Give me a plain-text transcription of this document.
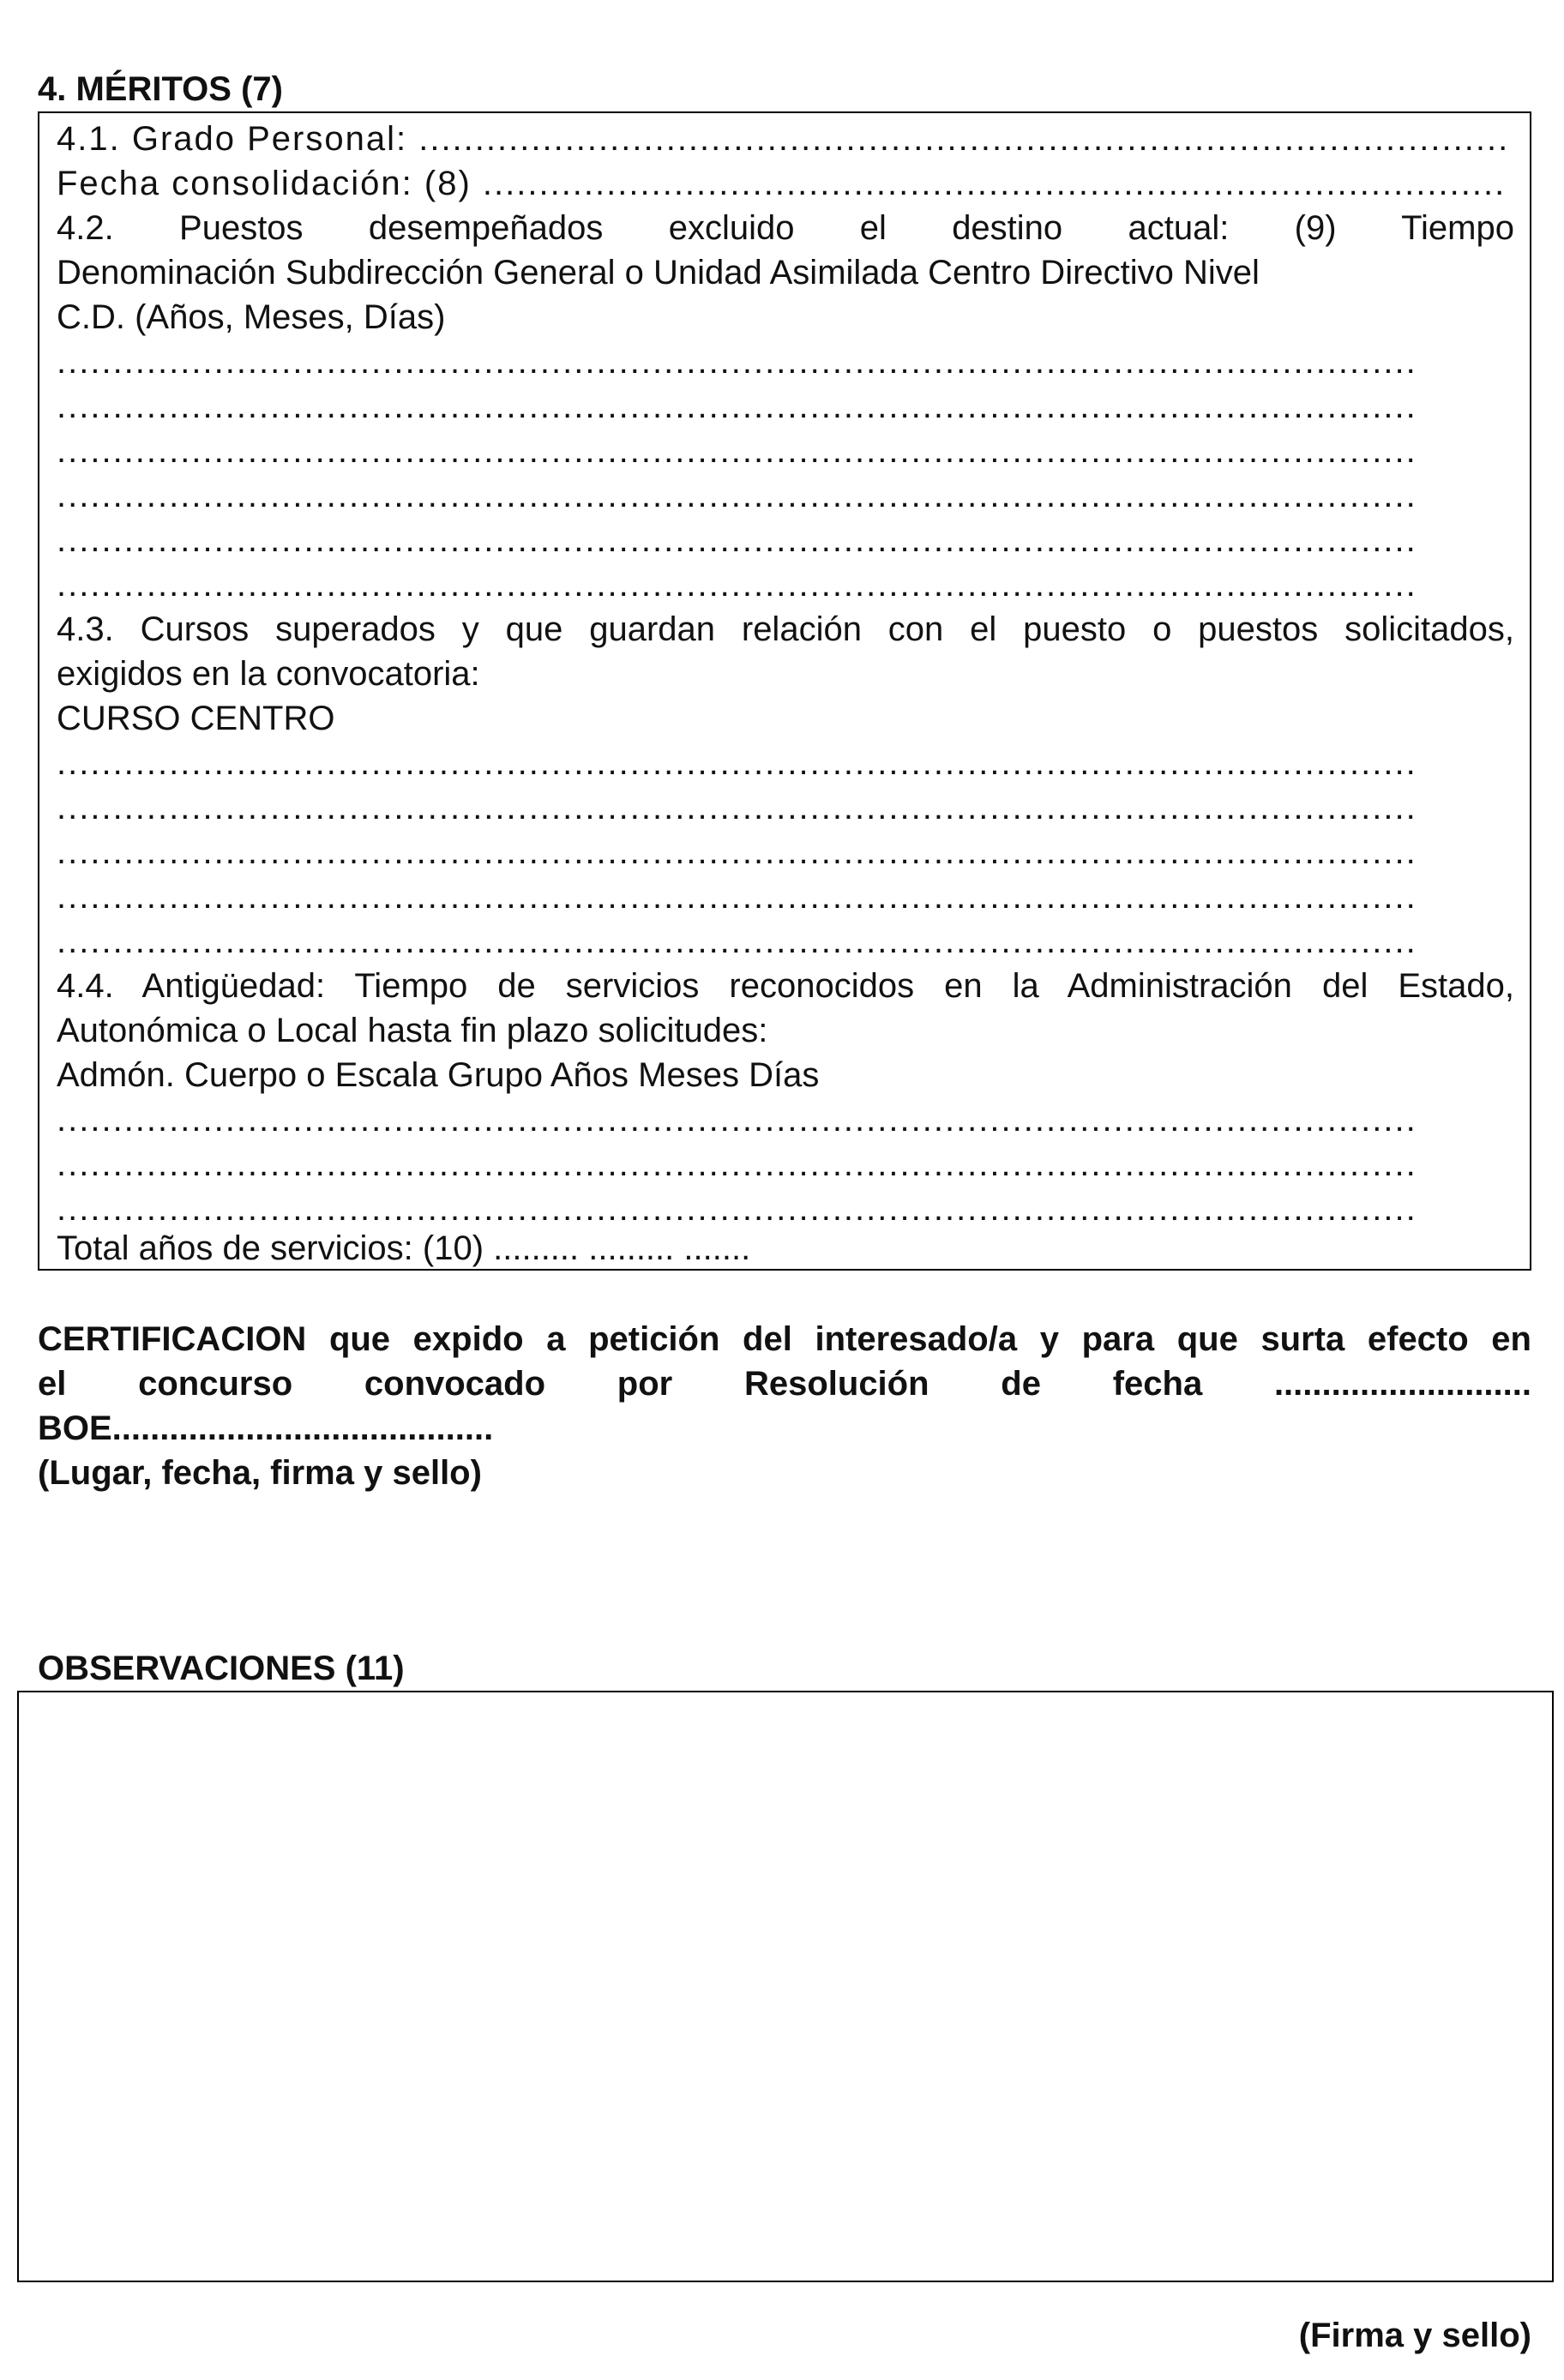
4. MÉRITOS (7)
4.1. Grado Personal: .................................................................................................
Fecha consolidación: (8) ...........................................................................................
4.2. Puestos desempeñados excluido el destino actual: (9) Tiempo
Denominación Subdirección General o Unidad Asimilada Centro Directivo Nivel
C.D. (Años, Meses, Días)
.........................................................................................................................
.........................................................................................................................
.........................................................................................................................
.........................................................................................................................
.........................................................................................................................
.........................................................................................................................
4.3. Cursos superados y que guardan relación con el puesto o puestos solicitados,
exigidos en la convocatoria:
CURSO CENTRO
.........................................................................................................................
.........................................................................................................................
.........................................................................................................................
.........................................................................................................................
.........................................................................................................................
4.4. Antigüedad: Tiempo de servicios reconocidos en la Administración del Estado,
Autonómica o Local hasta fin plazo solicitudes:
Admón. Cuerpo o Escala Grupo Años Meses Días
.........................................................................................................................
.........................................................................................................................
.........................................................................................................................
Total años de servicios: (10) ......... ......... .......
CERTIFICACION que expido a petición del interesado/a y para que surta efecto en
el concurso convocado por Resolución de fecha ...........................
BOE........................................
(Lugar, fecha, firma y sello)
OBSERVACIONES (11)
(Firma y sello)
